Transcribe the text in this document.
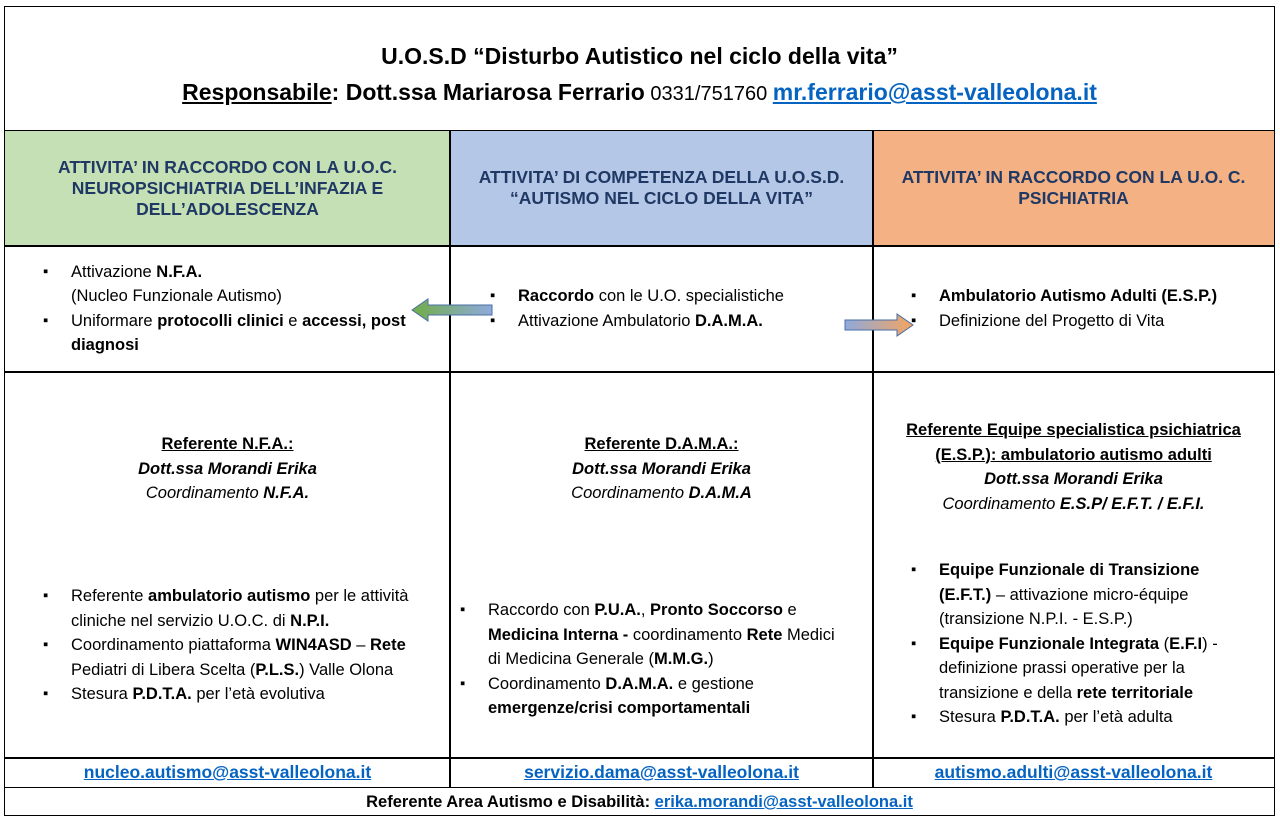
U.O.S.D “Disturbo Autistico nel ciclo della vita”
Responsabile: Dott.ssa Mariarosa Ferrario 0331/751760 mr.ferrario@asst-valleolona.it
ATTIVITA’ IN RACCORDO CON LA U.O.C. NEUROPSICHIATRIA DELL’INFAZIA E DELL’ADOLESCENZA
ATTIVITA’ DI COMPETENZA DELLA U.O.S.D. “AUTISMO NEL CICLO DELLA VITA”
ATTIVITA’ IN RACCORDO CON LA U.O. C. PSICHIATRIA
▪ Attivazione N.F.A.
(Nucleo Funzionale Autismo)
▪ Uniformare protocolli clinici e accessi, post diagnosi
▪ Raccordo con le U.O. specialistiche
▪ Attivazione Ambulatorio D.A.M.A.
▪ Ambulatorio Autismo Adulti (E.S.P.)
▪ Definizione del Progetto di Vita
Referente N.F.A.:
Dott.ssa Morandi Erika
Coordinamento N.F.A.
▪ Referente ambulatorio autismo per le attività cliniche nel servizio U.O.C. di N.P.I.
▪ Coordinamento piattaforma WIN4ASD – Rete Pediatri di Libera Scelta (P.L.S.) Valle Olona
▪ Stesura P.D.T.A. per l’età evolutiva
Referente D.A.M.A.:
Dott.ssa Morandi Erika
Coordinamento D.A.M.A
▪ Raccordo con P.U.A., Pronto Soccorso e Medicina Interna - coordinamento Rete Medici di Medicina Generale (M.M.G.)
▪ Coordinamento D.A.M.A. e gestione emergenze/crisi comportamentali
Referente Equipe specialistica psichiatrica (E.S.P.): ambulatorio autismo adulti
Dott.ssa Morandi Erika
Coordinamento E.S.P/ E.F.T. / E.F.I.
▪ Equipe Funzionale di Transizione (E.F.T.) – attivazione micro-équipe (transizione N.P.I. - E.S.P.)
▪ Equipe Funzionale Integrata (E.F.I) - definizione prassi operative per la transizione e della rete territoriale
▪ Stesura P.D.T.A. per l’età adulta
nucleo.autismo@asst-valleolona.it	servizio.dama@asst-valleolona.it	autismo.adulti@asst-valleolona.it
Referente Area Autismo e Disabilità: erika.morandi@asst-valleolona.it
